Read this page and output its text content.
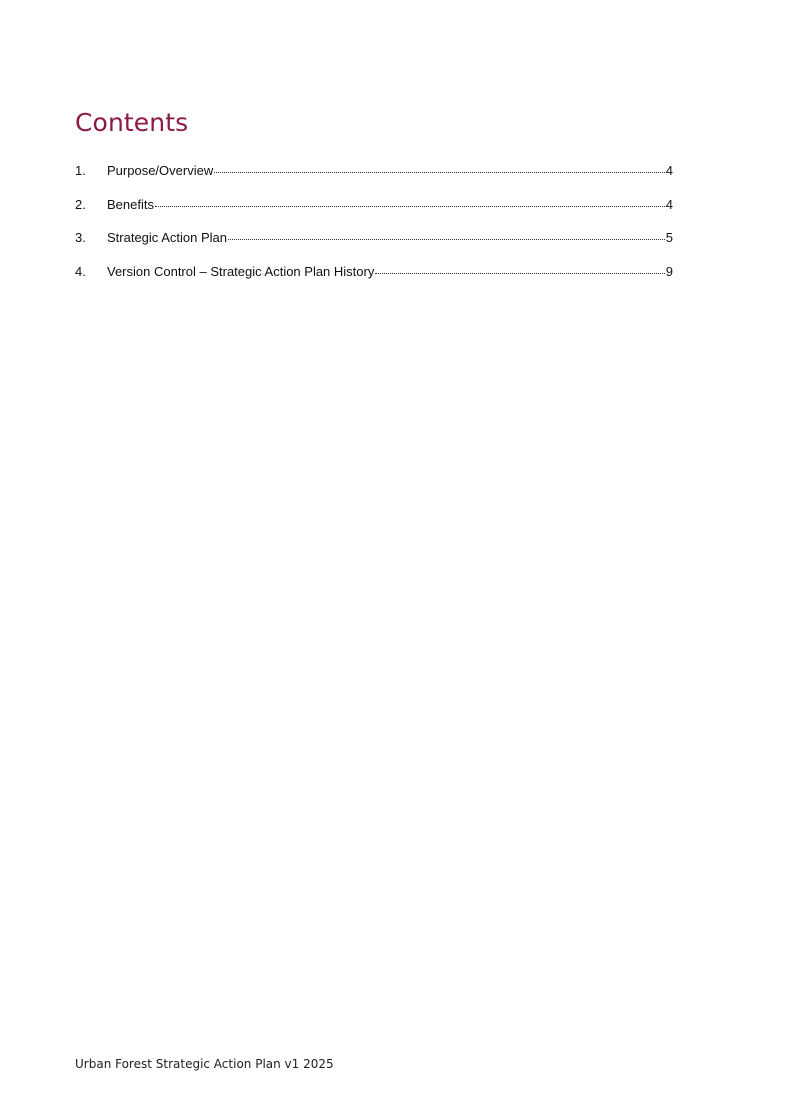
Contents
1.	Purpose/Overview	4
2.	Benefits	4
3.	Strategic Action Plan	5
4.	Version Control – Strategic Action Plan History	9

Urban Forest Strategic Action Plan v1 2025
